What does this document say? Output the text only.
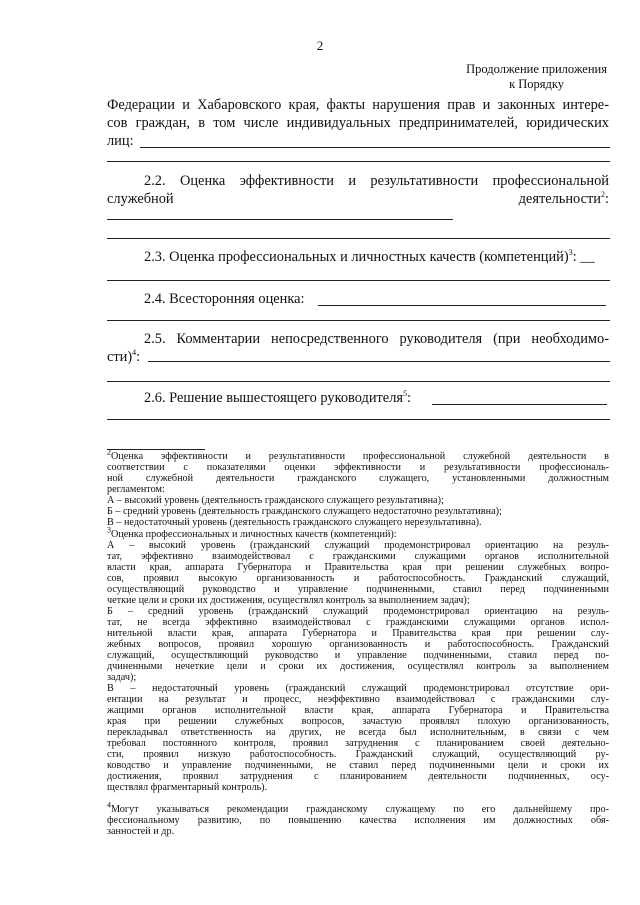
2
Продолжение приложения
к Порядку
Федерации и Хабаровского края, факты нарушения прав и законных интере-
сов граждан, в том числе индивидуальных предпринимателей, юридических
лиц:
2.2. Оценка эффективности и результативности профессиональной
служебной	деятельности$^2$:
2.3. Оценка профессиональных и личностных качеств (компетенций)$^3$: __
2.4. Всесторонняя оценка:
2.5. Комментарии непосредственного руководителя (при необходимо-
сти)$^4$:
2.6. Решение вышестоящего руководителя$^5$:
$^2$Оценка эффективности и результативности профессиональной служебной деятельности в
соответствии с показателями оценки эффективности и результативности профессиональ-
ной служебной деятельности гражданского служащего, установленными должностным
регламентом:
А – высокий уровень (деятельность гражданского служащего результативна);
Б – средний уровень (деятельность гражданского служащего недостаточно результативна);
В – недостаточный уровень (деятельность гражданского служащего нерезультативна).
$^3$Оценка профессиональных и личностных качеств (компетенций):
А – высокий уровень (гражданский служащий продемонстрировал ориентацию на резуль-
тат, эффективно взаимодействовал с гражданскими служащими органов исполнительной
власти края, аппарата Губернатора и Правительства края при решении служебных вопро-
сов, проявил высокую организованность и работоспособность. Гражданский служащий,
осуществляющий руководство и управление подчиненными, ставил перед подчиненными
четкие цели и сроки их достижения, осуществлял контроль за выполнением задач);
Б – средний уровень (гражданский служащий продемонстрировал ориентацию на резуль-
тат, не всегда эффективно взаимодействовал с гражданскими служащими органов испол-
нительной власти края, аппарата Губернатора и Правительства края при решении слу-
жебных вопросов, проявил хорошую организованность и работоспособность. Гражданский
служащий, осуществляющий руководство и управление подчиненными, ставил перед по-
дчиненными нечеткие цели и сроки их достижения, осуществлял контроль за выполнением
задач);
В – недостаточный уровень (гражданский служащий продемонстрировал отсутствие ори-
ентации на результат и процесс, неэффективно взаимодействовал с гражданскими слу-
жащими органов исполнительной власти края, аппарата Губернатора и Правительства
края при решении служебных вопросов, зачастую проявлял плохую организованность,
перекладывал ответственность на других, не всегда был исполнительным, в связи с чем
требовал постоянного контроля, проявил затруднения с планированием своей деятельно-
сти, проявил низкую работоспособность. Гражданский служащий, осуществляющий ру-
ководство и управление подчиненными, не ставил перед подчиненными цели и сроки их
достижения, проявил затруднения с планированием деятельности подчиненных, осу-
ществлял фрагментарный контроль).
$^4$Могут указываться рекомендации гражданскому служащему по его дальнейшему про-
фессиональному развитию, по повышению качества исполнения им должностных обя-
занностей и др.
